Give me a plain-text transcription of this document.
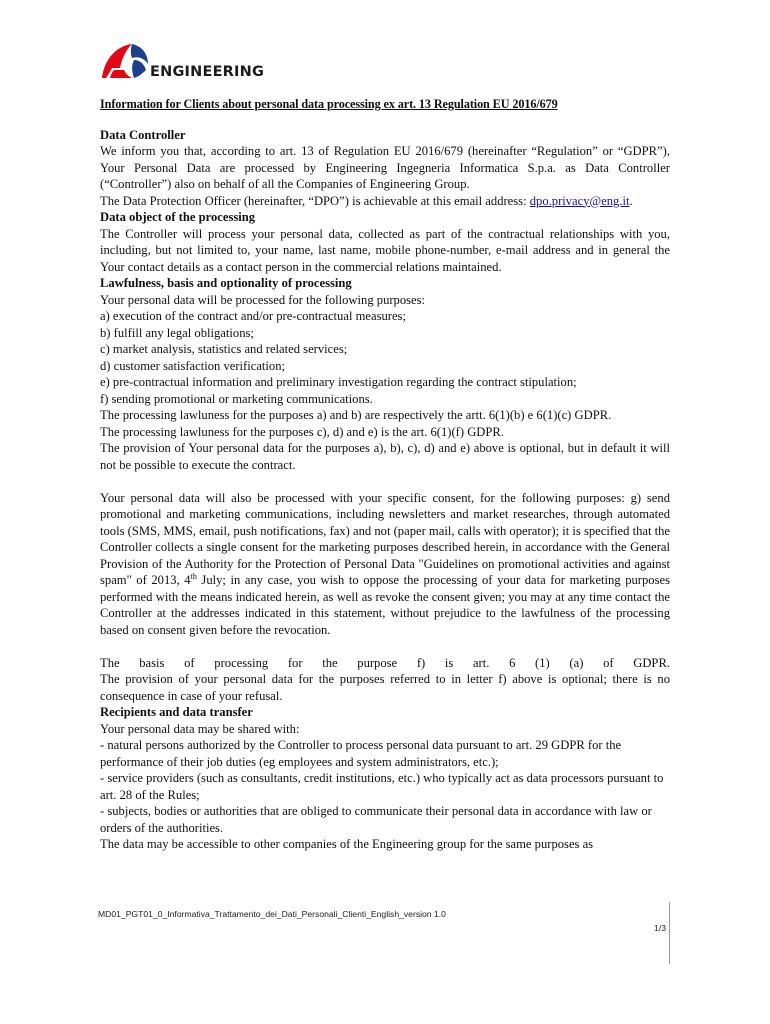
ENGINEERING
Information for Clients about personal data processing ex art. 13 Regulation EU 2016/679
Data Controller

We inform you that, according to art. 13 of Regulation EU 2016/679 (hereinafter “Regulation” or “GDPR”), Your Personal Data are processed by Engineering Ingegneria Informatica S.p.a. as Data Controller (“Controller”) also on behalf of all the Companies of Engineering Group.

The Data Protection Officer (hereinafter, “DPO”) is achievable at this email address: dpo.privacy@eng.it.

Data object of the processing

The Controller will process your personal data, collected as part of the contractual relationships with you, including, but not limited to, your name, last name, mobile phone-number, e-mail address and in general the Your contact details as a contact person in the commercial relations maintained.

Lawfulness, basis and optionality of processing

Your personal data will be processed for the following purposes:

a) execution of the contract and/or pre-contractual measures;
b) fulfill any legal obligations;
c) market analysis, statistics and related services;
d) customer satisfaction verification;
e) pre-contractual information and preliminary investigation regarding the contract stipulation;
f) sending promotional or marketing communications.

The processing lawluness for the purposes a) and b) are respectively the artt. 6(1)(b) e 6(1)(c) GDPR.

The processing lawluness for the purposes c), d) and e) is the art. 6(1)(f) GDPR.

The provision of Your personal data for the purposes a), b), c), d) and e) above is optional, but in default it will not be possible to execute the contract.

Your personal data will also be processed with your specific consent, for the following purposes: g) send promotional and marketing communications, including newsletters and market researches, through automated tools (SMS, MMS, email, push notifications, fax) and not (paper mail, calls with operator); it is specified that the Controller collects a single consent for the marketing purposes described herein, in accordance with the General Provision of the Authority for the Protection of Personal Data "Guidelines on promotional activities and against spam" of 2013, 4th July; in any case, you wish to oppose the processing of your data for marketing purposes performed with the means indicated herein, as well as revoke the consent given; you may at any time contact the Controller at the addresses indicated in this statement, without prejudice to the lawfulness of the processing based on consent given before the revocation.

The basis of processing for the purpose f) is art. 6 (1) (a) of GDPR.

The provision of your personal data for the purposes referred to in letter f) above is optional; there is no consequence in case of your refusal.

Recipients and data transfer

Your personal data may be shared with:

- natural persons authorized by the Controller to process personal data pursuant to art. 29 GDPR for the performance of their job duties (eg employees and system administrators, etc.);

- service providers (such as consultants, credit institutions, etc.) who typically act as data processors pursuant to art. 28 of the Rules;

- subjects, bodies or authorities that are obliged to communicate their personal data in accordance with law or orders of the authorities.

The data may be accessible to other companies of the Engineering group for the same purposes as

MD01_PGT01_0_Informativa_Trattamento_dei_Dati_Personali_Clienti_English_version 1.0
1/3
